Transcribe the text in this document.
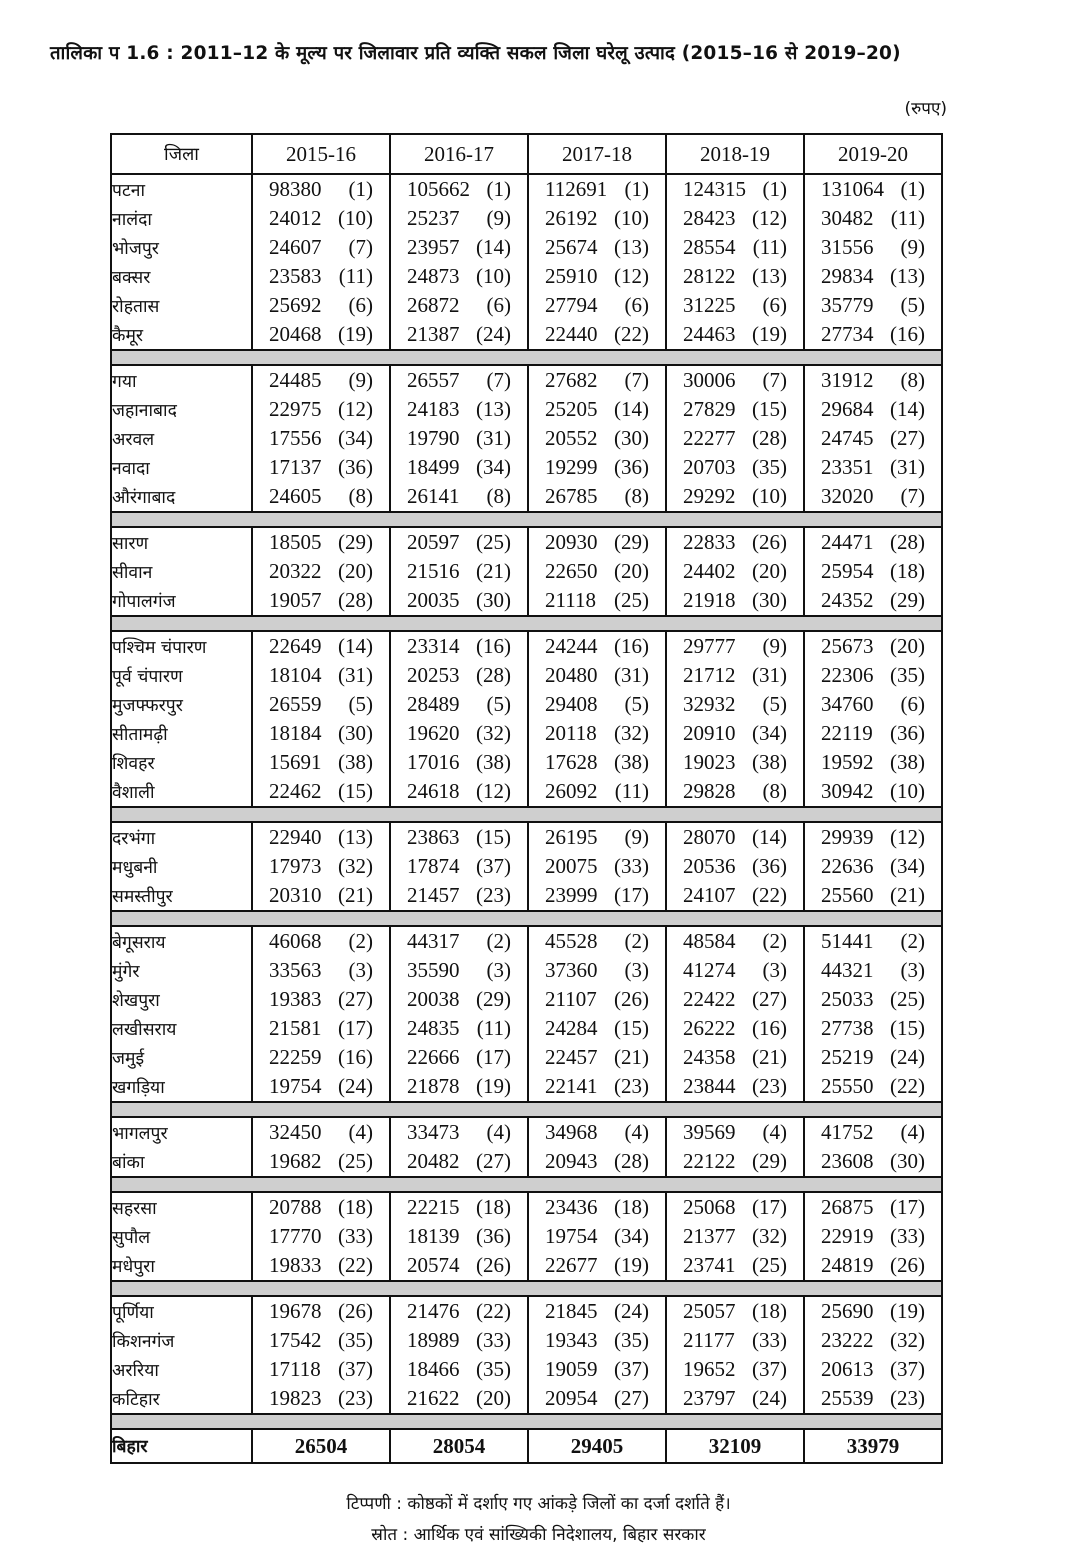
तालिका प 1.6 : 2011–12 के मूल्य पर जिलावार प्रति व्यक्ति सकल जिला घरेलू उत्पाद (2015–16 से 2019–20)
(रुपए)
जिला	2015-16	2016-17	2017-18	2018-19	2019-20
पटना	98380 (1)	105662 (1)	112691 (1)	124315 (1)	131064 (1)
नालंदा	24012 (10)	25237 (9)	26192 (10)	28423 (12)	30482 (11)
भोजपुर	24607 (7)	23957 (14)	25674 (13)	28554 (11)	31556 (9)
बक्सर	23583 (11)	24873 (10)	25910 (12)	28122 (13)	29834 (13)
रोहतास	25692 (6)	26872 (6)	27794 (6)	31225 (6)	35779 (5)
कैमूर	20468 (19)	21387 (24)	22440 (22)	24463 (19)	27734 (16)

गया	24485 (9)	26557 (7)	27682 (7)	30006 (7)	31912 (8)
जहानाबाद	22975 (12)	24183 (13)	25205 (14)	27829 (15)	29684 (14)
अरवल	17556 (34)	19790 (31)	20552 (30)	22277 (28)	24745 (27)
नवादा	17137 (36)	18499 (34)	19299 (36)	20703 (35)	23351 (31)
औरंगाबाद	24605 (8)	26141 (8)	26785 (8)	29292 (10)	32020 (7)

सारण	18505 (29)	20597 (25)	20930 (29)	22833 (26)	24471 (28)
सीवान	20322 (20)	21516 (21)	22650 (20)	24402 (20)	25954 (18)
गोपालगंज	19057 (28)	20035 (30)	21118 (25)	21918 (30)	24352 (29)

पश्चिम चंपारण	22649 (14)	23314 (16)	24244 (16)	29777 (9)	25673 (20)
पूर्व चंपारण	18104 (31)	20253 (28)	20480 (31)	21712 (31)	22306 (35)
मुजफ्फरपुर	26559 (5)	28489 (5)	29408 (5)	32932 (5)	34760 (6)
सीतामढ़ी	18184 (30)	19620 (32)	20118 (32)	20910 (34)	22119 (36)
शिवहर	15691 (38)	17016 (38)	17628 (38)	19023 (38)	19592 (38)
वैशाली	22462 (15)	24618 (12)	26092 (11)	29828 (8)	30942 (10)

दरभंगा	22940 (13)	23863 (15)	26195 (9)	28070 (14)	29939 (12)
मधुबनी	17973 (32)	17874 (37)	20075 (33)	20536 (36)	22636 (34)
समस्तीपुर	20310 (21)	21457 (23)	23999 (17)	24107 (22)	25560 (21)

बेगूसराय	46068 (2)	44317 (2)	45528 (2)	48584 (2)	51441 (2)
मुंगेर	33563 (3)	35590 (3)	37360 (3)	41274 (3)	44321 (3)
शेखपुरा	19383 (27)	20038 (29)	21107 (26)	22422 (27)	25033 (25)
लखीसराय	21581 (17)	24835 (11)	24284 (15)	26222 (16)	27738 (15)
जमुई	22259 (16)	22666 (17)	22457 (21)	24358 (21)	25219 (24)
खगड़िया	19754 (24)	21878 (19)	22141 (23)	23844 (23)	25550 (22)

भागलपुर	32450 (4)	33473 (4)	34968 (4)	39569 (4)	41752 (4)
बांका	19682 (25)	20482 (27)	20943 (28)	22122 (29)	23608 (30)

सहरसा	20788 (18)	22215 (18)	23436 (18)	25068 (17)	26875 (17)
सुपौल	17770 (33)	18139 (36)	19754 (34)	21377 (32)	22919 (33)
मधेपुरा	19833 (22)	20574 (26)	22677 (19)	23741 (25)	24819 (26)

पूर्णिया	19678 (26)	21476 (22)	21845 (24)	25057 (18)	25690 (19)
किशनगंज	17542 (35)	18989 (33)	19343 (35)	21177 (33)	23222 (32)
अररिया	17118 (37)	18466 (35)	19059 (37)	19652 (37)	20613 (37)
कटिहार	19823 (23)	21622 (20)	20954 (27)	23797 (24)	25539 (23)

बिहार	26504	28054	29405	32109	33979
टिप्पणी : कोष्ठकों में दर्शाए गए आंकड़े जिलों का दर्जा दर्शाते हैं।
स्रोत : आर्थिक एवं सांख्यिकी निदेशालय, बिहार सरकार
